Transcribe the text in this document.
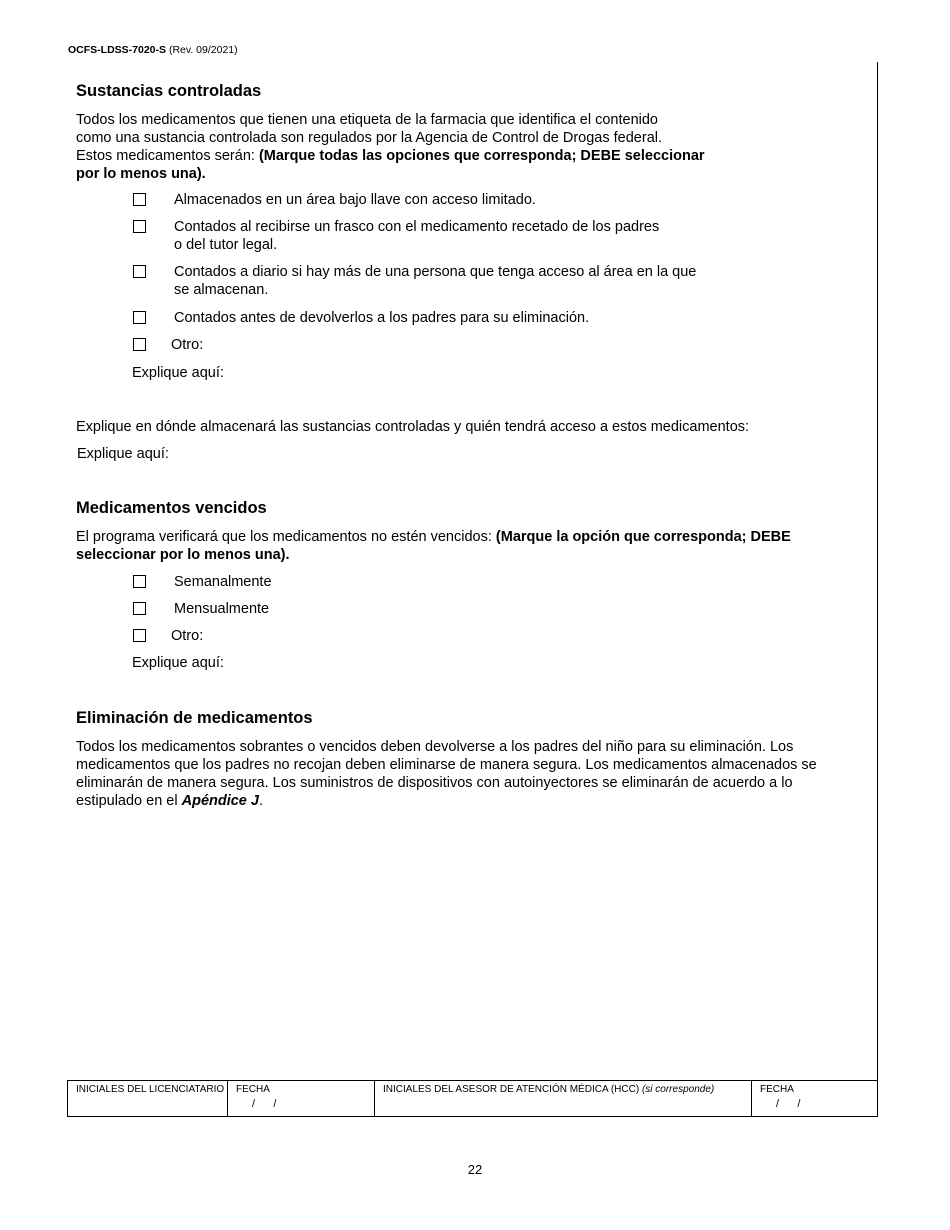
OCFS-LDSS-7020-S (Rev. 09/2021)
Sustancias controladas
Todos los medicamentos que tienen una etiqueta de la farmacia que identifica el contenido
como una sustancia controlada son regulados por la Agencia de Control de Drogas federal.
Estos medicamentos serán: (Marque todas las opciones que corresponda; DEBE seleccionar
por lo menos una).
Almacenados en un área bajo llave con acceso limitado.
Contados al recibirse un frasco con el medicamento recetado de los padres
o del tutor legal.
Contados a diario si hay más de una persona que tenga acceso al área en la que
se almacenan.
Contados antes de devolverlos a los padres para su eliminación.
Otro:
Explique aquí:
Explique en dónde almacenará las sustancias controladas y quién tendrá acceso a estos medicamentos:
Explique aquí:
Medicamentos vencidos
El programa verificará que los medicamentos no estén vencidos: (Marque la opción que corresponda; DEBE
seleccionar por lo menos una).
Semanalmente
Mensualmente
Otro:
Explique aquí:
Eliminación de medicamentos
Todos los medicamentos sobrantes o vencidos deben devolverse a los padres del niño para su eliminación. Los
medicamentos que los padres no recojan deben eliminarse de manera segura. Los medicamentos almacenados se
eliminarán de manera segura. Los suministros de dispositivos con autoinyectores se eliminarán de acuerdo a lo
estipulado en el Apéndice J.
INICIALES DEL LICENCIATARIO	FECHA
/      /
INICIALES DEL ASESOR DE ATENCIÓN MÉDICA (HCC) (si corresponde)	FECHA
/      /
22
